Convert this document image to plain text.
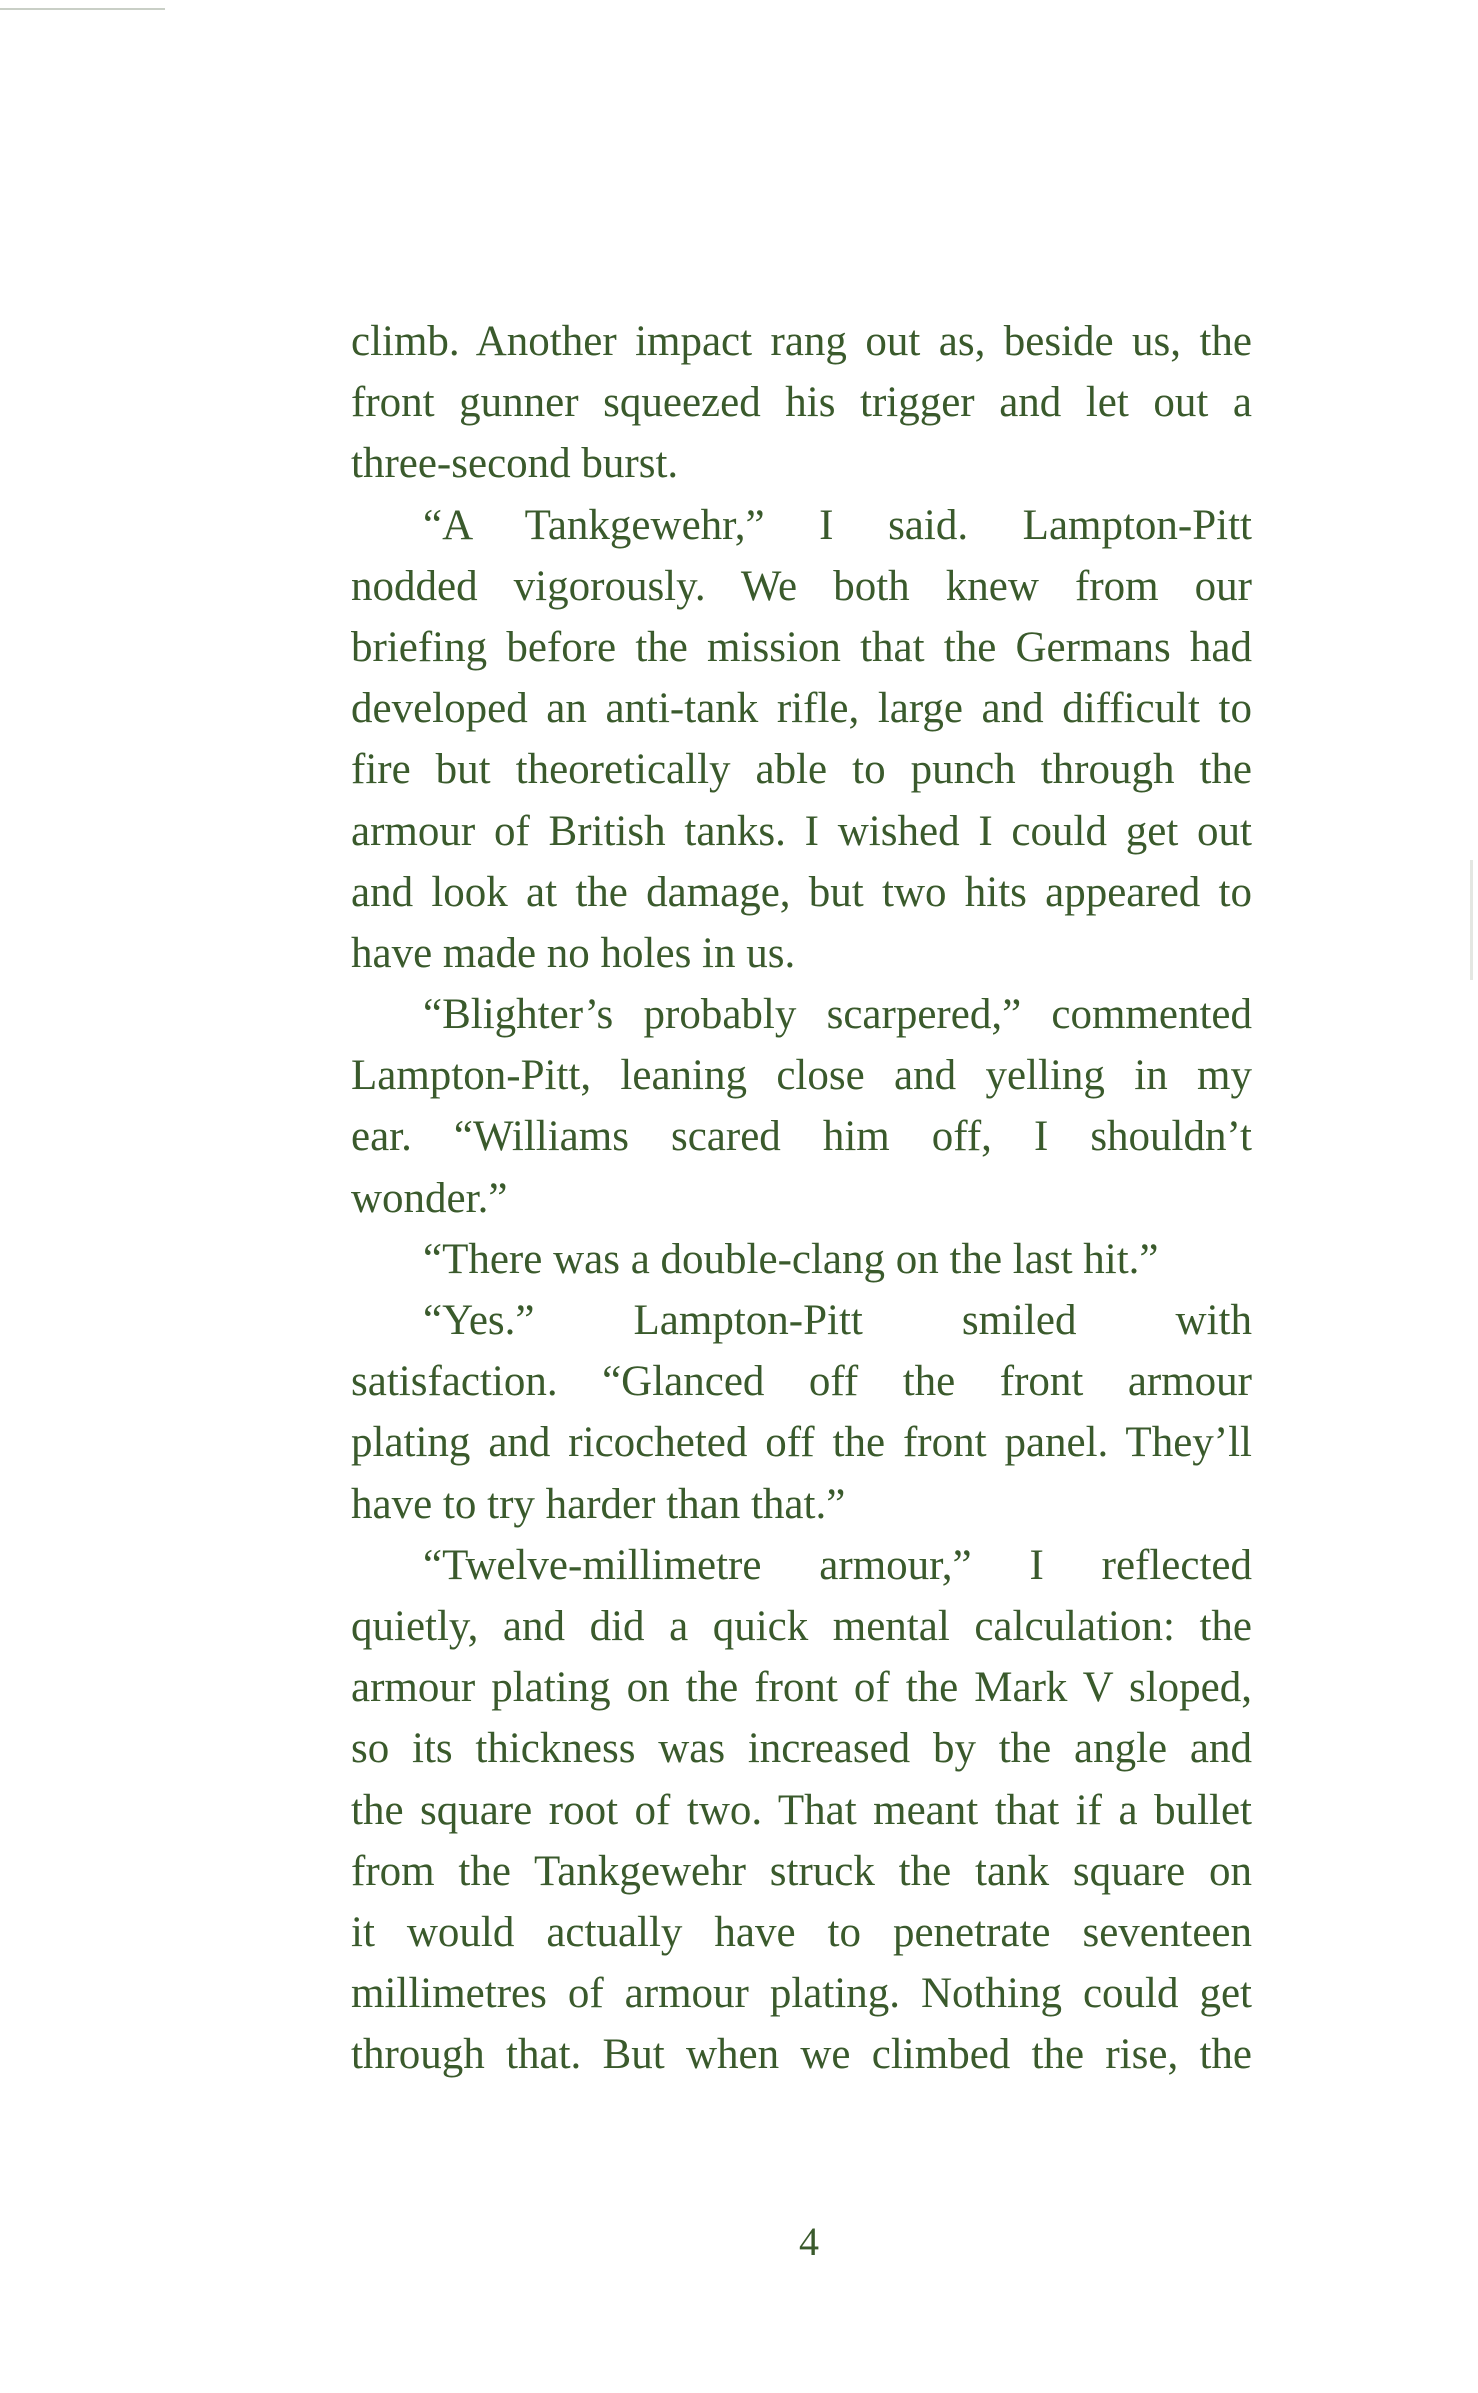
climb. Another impact rang out as, beside us, the
front gunner squeezed his trigger and let out a
three-second burst.
“A Tankgewehr,” I said. Lampton-Pitt
nodded vigorously. We both knew from our
briefing before the mission that the Germans had
developed an anti-tank rifle, large and difficult to
fire but theoretically able to punch through the
armour of British tanks. I wished I could get out
and look at the damage, but two hits appeared to
have made no holes in us.
“Blighter’s probably scarpered,” commented
Lampton-Pitt, leaning close and yelling in my
ear. “Williams scared him off, I shouldn’t
wonder.”
“There was a double-clang on the last hit.”
“Yes.” Lampton-Pitt smiled with
satisfaction. “Glanced off the front armour
plating and ricocheted off the front panel. They’ll
have to try harder than that.”
“Twelve-millimetre armour,” I reflected
quietly, and did a quick mental calculation: the
armour plating on the front of the Mark V sloped,
so its thickness was increased by the angle and
the square root of two. That meant that if a bullet
from the Tankgewehr struck the tank square on
it would actually have to penetrate seventeen
millimetres of armour plating. Nothing could get
through that. But when we climbed the rise, the
4
